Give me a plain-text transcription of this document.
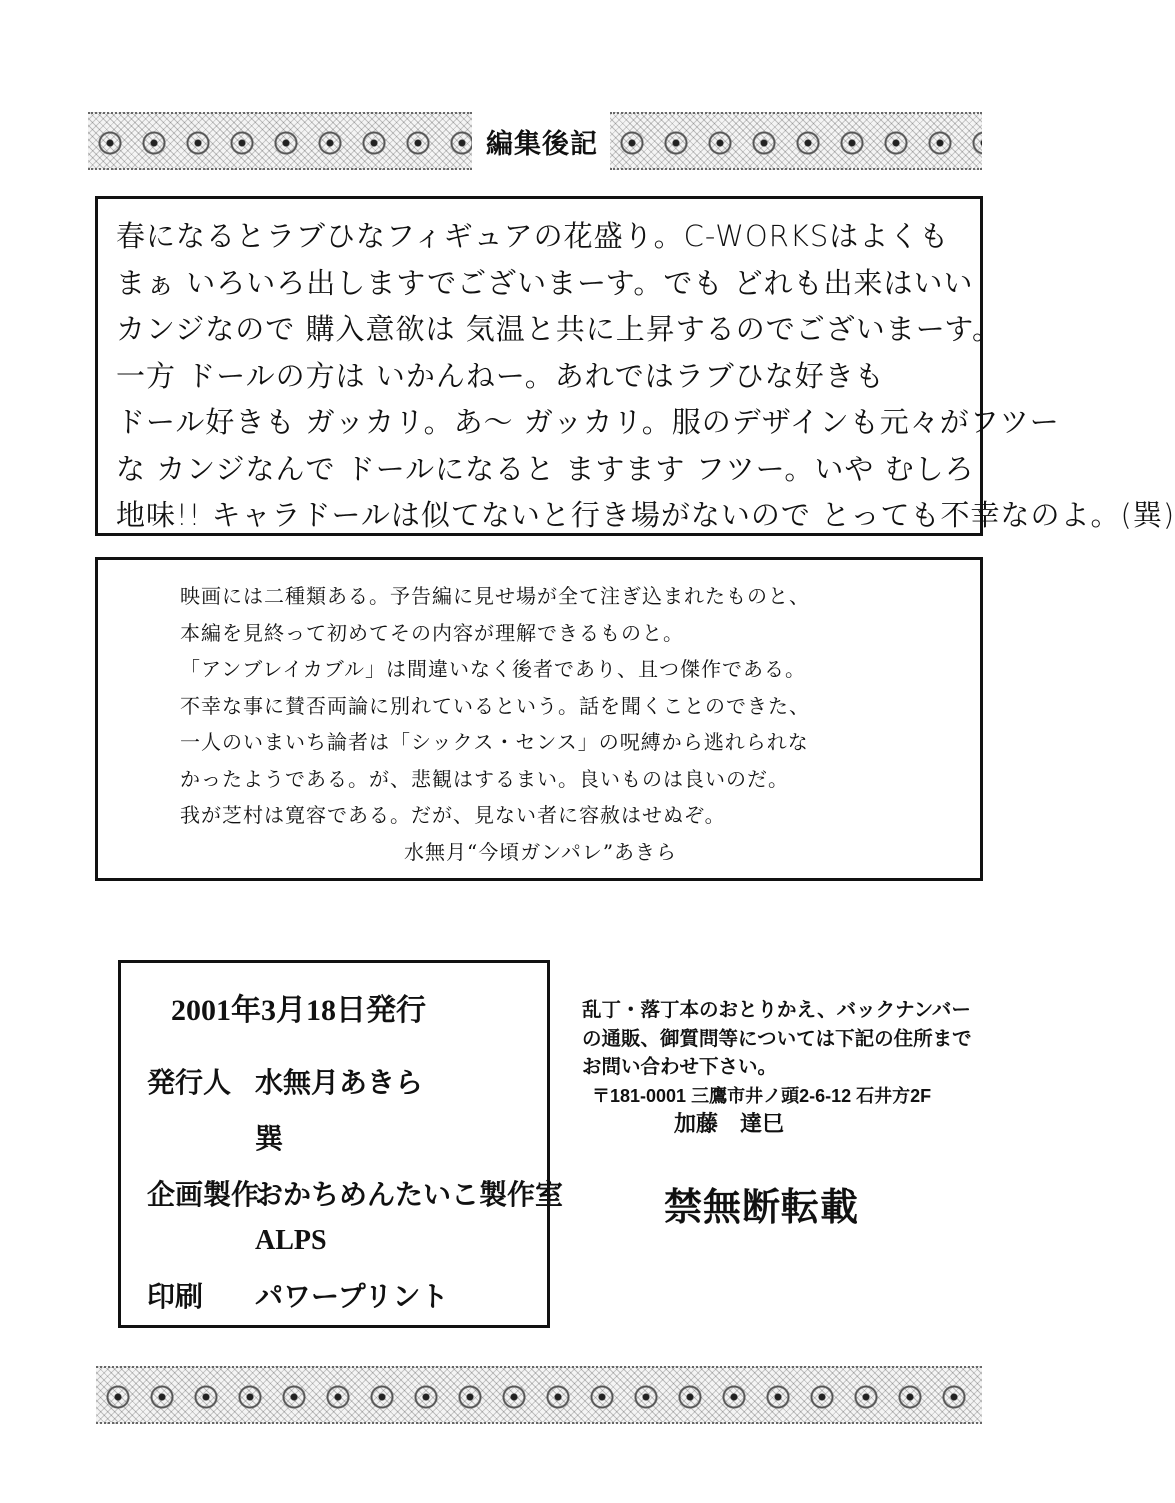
編集後記
春になるとラブひなフィギュアの花盛り。C-WORKSはよくも
まぁ いろいろ出しますでございまーす。でも どれも出来はいい
カンジなので 購入意欲は 気温と共に上昇するのでございまーす。
一方 ドールの方は いかんねー。あれではラブひな好きも
ドール好きも ガッカリ。あ〜 ガッカリ。服のデザインも元々がフツー
な カンジなんで ドールになると ますます フツー。いや むしろ
地味!! キャラドールは似てないと行き場がないので とっても不幸なのよ。(巽)
映画には二種類ある。予告編に見せ場が全て注ぎ込まれたものと、
本編を見終って初めてその内容が理解できるものと。
「アンブレイカブル」は間違いなく後者であり、且つ傑作である。
不幸な事に賛否両論に別れているという。話を聞くことのできた、
一人のいまいち論者は「シックス・センス」の呪縛から逃れられな
かったようである。が、悲観はするまい。良いものは良いのだ。
我が芝村は寛容である。だが、見ない者に容赦はせぬぞ。
水無月“今頃ガンパレ”あきら
2001年3月18日発行
発行人 水無月あきら
巽
企画製作おかちめんたいこ製作室
ALPS
印刷 パワープリント
乱丁・落丁本のおとりかえ、バックナンバー
の通販、御質問等については下記の住所まで
お問い合わせ下さい。
〒181-0001 三鷹市井ノ頭2-6-12 石井方2F
加藤　達巳
禁無断転載
